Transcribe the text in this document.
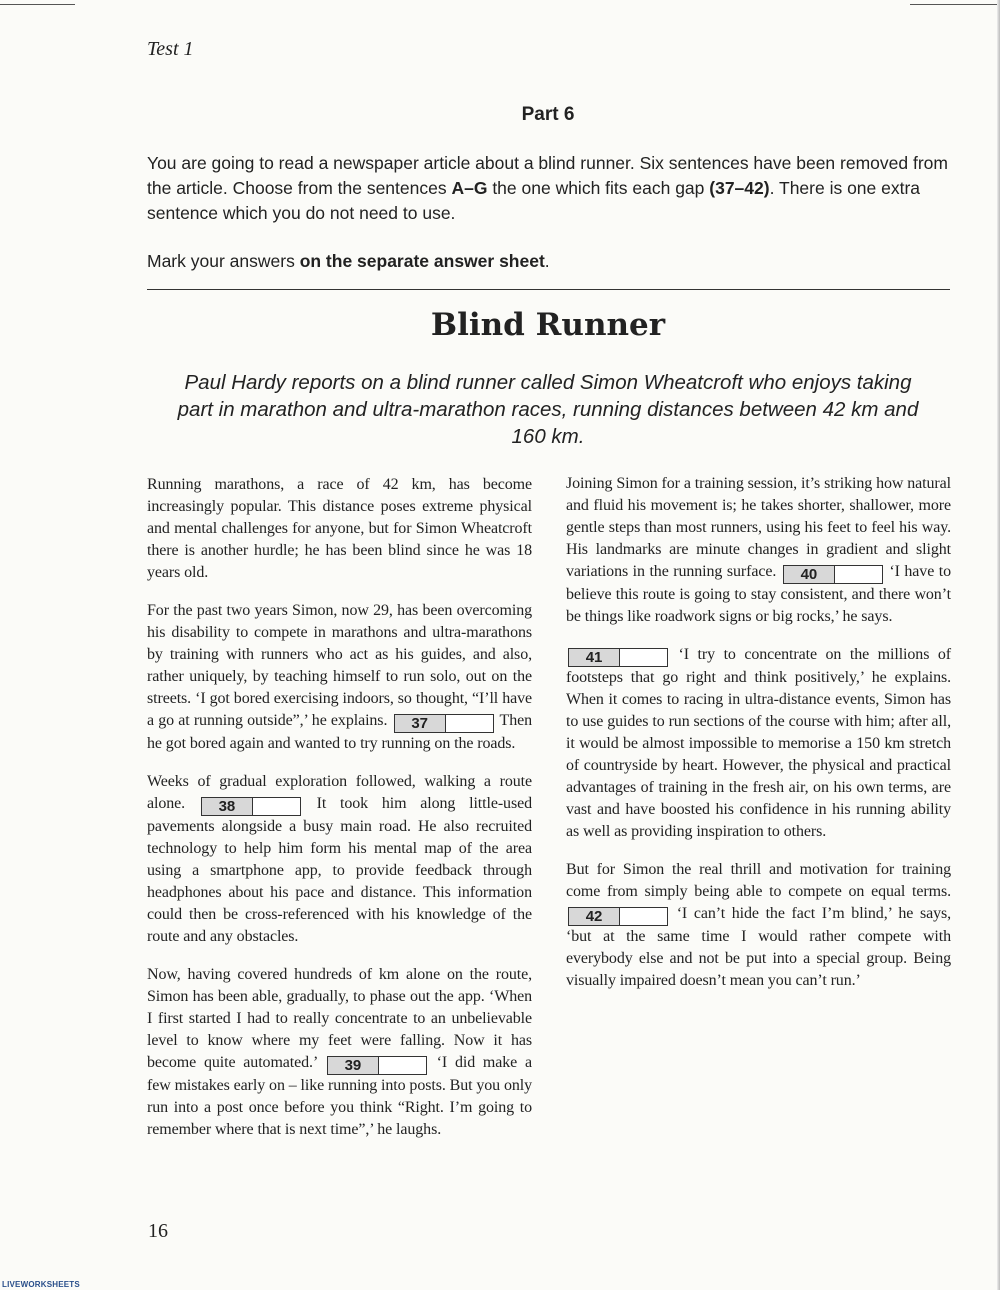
Test 1
Part 6
You are going to read a newspaper article about a blind runner. Six sentences have been removed from the article. Choose from the sentences A–G the one which fits each gap (37–42). There is one extra sentence which you do not need to use.
Mark your answers on the separate answer sheet.
Blind Runner
Paul Hardy reports on a blind runner called Simon Wheatcroft who enjoys taking part in marathon and ultra-marathon races, running distances between 42 km and 160 km.

Running marathons, a race of 42 km, has become increasingly popular. This distance poses extreme physical and mental challenges for anyone, but for Simon Wheatcroft there is another hurdle; he has been blind since he was 18 years old.

For the past two years Simon, now 29, has been overcoming his disability to compete in marathons and ultra-marathons by training with runners who act as his guides, and also, rather uniquely, by teaching himself to run solo, out on the streets. ‘I got bored exercising indoors, so thought, “I’ll have a go at running outside”,’ he explains. 37	Then he got bored again and wanted to try running on the roads.

Weeks of gradual exploration followed, walking a route alone. 38	It took him along little-used pavements alongside a busy main road. He also recruited technology to help him form his mental map of the area using a smartphone app, to provide feedback through headphones about his pace and distance. This information could then be cross-referenced with his knowledge of the route and any obstacles.

Now, having covered hundreds of km alone on the route, Simon has been able, gradually, to phase out the app. ‘When I first started I had to really concentrate to an unbelievable level to know where my feet were falling. Now it has become quite automated.’ 39	‘I did make a few mistakes early on – like running into posts. But you only run into a post once before you think “Right. I’m going to remember where that is next time”,’ he laughs.

Joining Simon for a training session, it’s striking how natural and fluid his movement is; he takes shorter, shallower, more gentle steps than most runners, using his feet to feel his way. His landmarks are minute changes in gradient and slight variations in the running surface. 40	‘I have to believe this route is going to stay consistent, and there won’t be things like roadwork signs or big rocks,’ he says.

41	‘I try to concentrate on the millions of footsteps that go right and think positively,’ he explains. When it comes to racing in ultra-distance events, Simon has to use guides to run sections of the course with him; after all, it would be almost impossible to memorise a 150 km stretch of countryside by heart. However, the physical and practical advantages of training in the fresh air, on his own terms, are vast and have boosted his confidence in his running ability as well as providing inspiration to others.

But for Simon the real thrill and motivation for training come from simply being able to compete on equal terms. 42	‘I can’t hide the fact I’m blind,’ he says, ‘but at the same time I would rather compete with everybody else and not be put into a special group. Being visually impaired doesn’t mean you can’t run.’

16
LIVEWORKSHEETS
